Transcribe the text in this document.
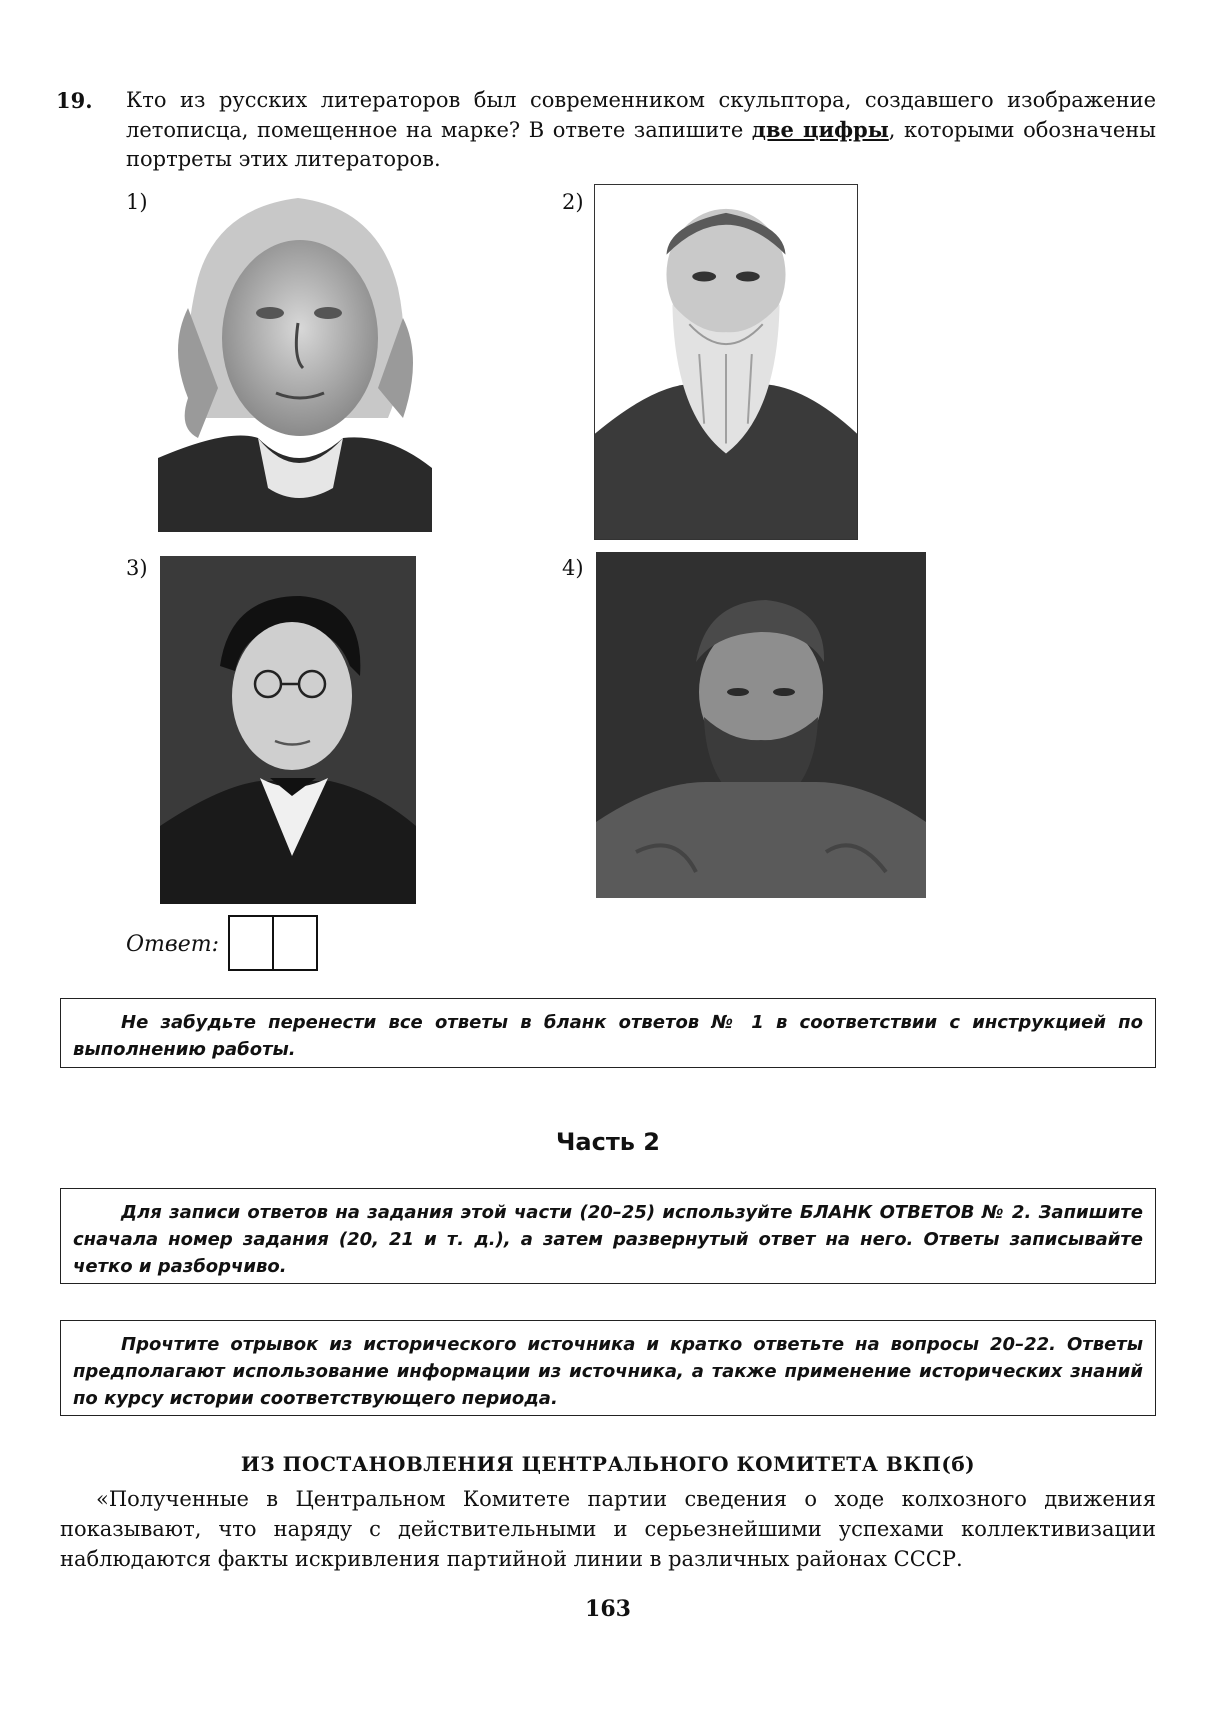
19. Кто из русских литераторов был современником скульптора, создавшего изображение летописца, помещенное на марке? В ответе запишите две цифры, которыми обозначены портреты этих литераторов.
1)	2)
3)	4)
Ответ:
Не забудьте перенести все ответы в бланк ответов № 1 в соответствии с инструкцией по выполнению работы.
Часть 2
Для записи ответов на задания этой части (20–25) используйте БЛАНК ОТВЕТОВ № 2. Запишите сначала номер задания (20, 21 и т. д.), а затем развернутый ответ на него. Ответы записывайте четко и разборчиво.
Прочтите отрывок из исторического источника и кратко ответьте на вопросы 20–22. Ответы предполагают использование информации из источника, а также применение исторических знаний по курсу истории соответствующего периода.
ИЗ ПОСТАНОВЛЕНИЯ ЦЕНТРАЛЬНОГО КОМИТЕТА ВКП(б)
«Полученные в Центральном Комитете партии сведения о ходе колхозного движения показывают, что наряду с действительными и серьезнейшими успехами коллективизации наблюдаются факты искривления партийной линии в различных районах СССР.
163
